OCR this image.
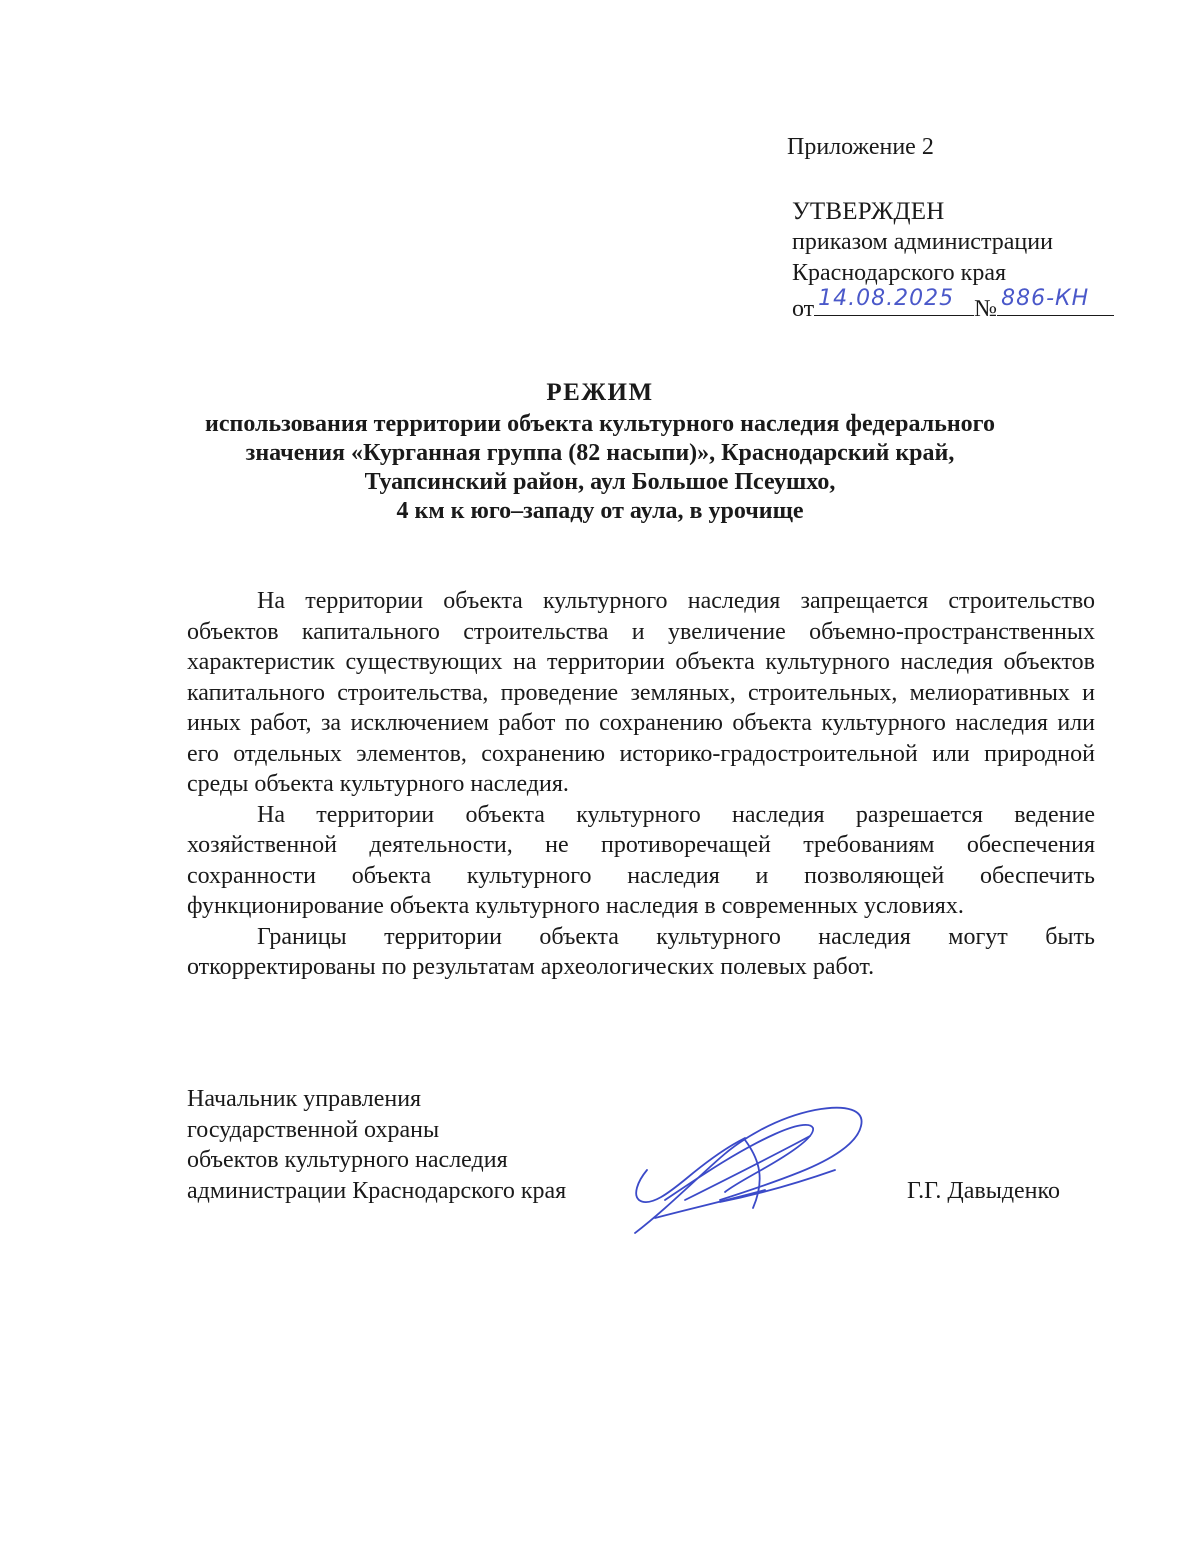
Приложение 2
УТВЕРЖДЕН
приказом администрации
Краснодарского края
от 14.08.2025 № 886-КН
РЕЖИМ
использования территории объекта культурного наследия федерального
значения «Курганная группа (82 насыпи)», Краснодарский край,
Туапсинский район, аул Большое Псеушхо,
4 км к юго–западу от аула, в урочище

На территории объекта культурного наследия запрещается строительство объектов капитального строительства и увеличение объемно-пространственных характеристик существующих на территории объекта культурного наследия объектов капитального строительства, проведение земляных, строительных, мелиоративных и иных работ, за исключением работ по сохранению объекта культурного наследия или его отдельных элементов, сохранению историко-градостроительной или природной среды объекта культурного наследия.

На территории объекта культурного наследия разрешается ведение хозяйственной деятельности, не противоречащей требованиям обеспечения сохранности объекта культурного наследия и позволяющей обеспечить функционирование объекта культурного наследия в современных условиях.

Границы территории объекта культурного наследия могут быть откорректированы по результатам археологических полевых работ.

Начальник управления
государственной охраны
объектов культурного наследия
администрации Краснодарского края	Г.Г. Давыденко
